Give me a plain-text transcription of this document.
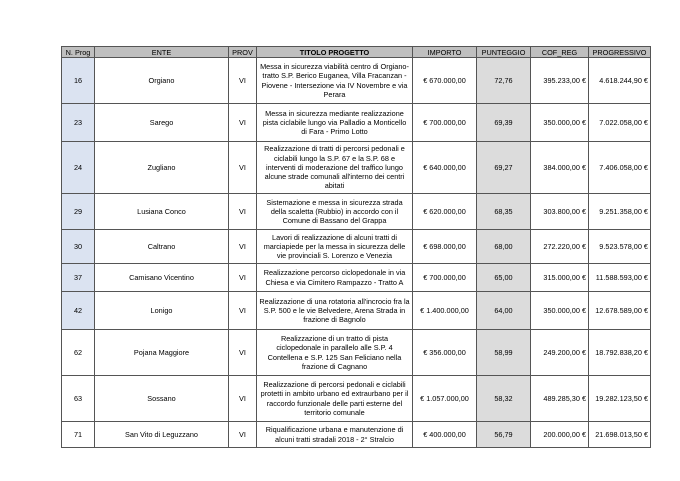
N. Prog	ENTE	PROV	TITOLO PROGETTO	IMPORTO	PUNTEGGIO	COF_REG	PROGRESSIVO
16	Orgiano	VI	Messa in sicurezza viabilità centro di Orgiano- tratto S.P. Berico Euganea, Villa Fracanzan - Piovene - Intersezione via IV Novembre e via Perara	€ 670.000,00	72,76	395.233,00 €	4.618.244,90 €
23	Sarego	VI	Messa in sicurezza mediante realizzazione pista ciclabile lungo via Palladio a Monticello di Fara - Primo Lotto	€ 700.000,00	69,39	350.000,00 €	7.022.058,00 €
24	Zugliano	VI	Realizzazione di tratti di percorsi pedonali e ciclabili lungo la S.P. 67 e la S.P. 68 e interventi di moderazione del traffico lungo alcune strade comunali all'interno dei centri abitati	€ 640.000,00	69,27	384.000,00 €	7.406.058,00 €
29	Lusiana Conco	VI	Sistemazione e messa in sicurezza strada della scaletta (Rubbio) in accordo con il Comune di Bassano del Grappa	€ 620.000,00	68,35	303.800,00 €	9.251.358,00 €
30	Caltrano	VI	Lavori di realizzazione di alcuni tratti di marciapiede per la messa in sicurezza delle vie provinciali S. Lorenzo e Venezia	€ 698.000,00	68,00	272.220,00 €	9.523.578,00 €
37	Camisano Vicentino	VI	Realizzazione percorso ciclopedonale in via Chiesa e via Cimitero Rampazzo - Tratto A	€ 700.000,00	65,00	315.000,00 €	11.588.593,00 €
42	Lonigo	VI	Realizzazione di una rotatoria all'incrocio fra la S.P. 500 e le vie Belvedere, Arena Strada in frazione di Bagnolo	€ 1.400.000,00	64,00	350.000,00 €	12.678.589,00 €
62	Pojana Maggiore	VI	Realizzazione di un tratto di pista ciclopedonale in parallelo alle S.P. 4 Contellena e S.P. 125 San Feliciano nella frazione di Cagnano	€ 356.000,00	58,99	249.200,00 €	18.792.838,20 €
63	Sossano	VI	Realizzazione di percorsi pedonali e ciclabili protetti in ambito urbano ed extraurbano per il raccordo funzionale delle parti esterne del territorio comunale	€ 1.057.000,00	58,32	489.285,30 €	19.282.123,50 €
71	San Vito di Leguzzano	VI	Riqualificazione urbana e manutenzione di alcuni tratti stradali 2018 - 2° Stralcio	€ 400.000,00	56,79	200.000,00 €	21.698.013,50 €
